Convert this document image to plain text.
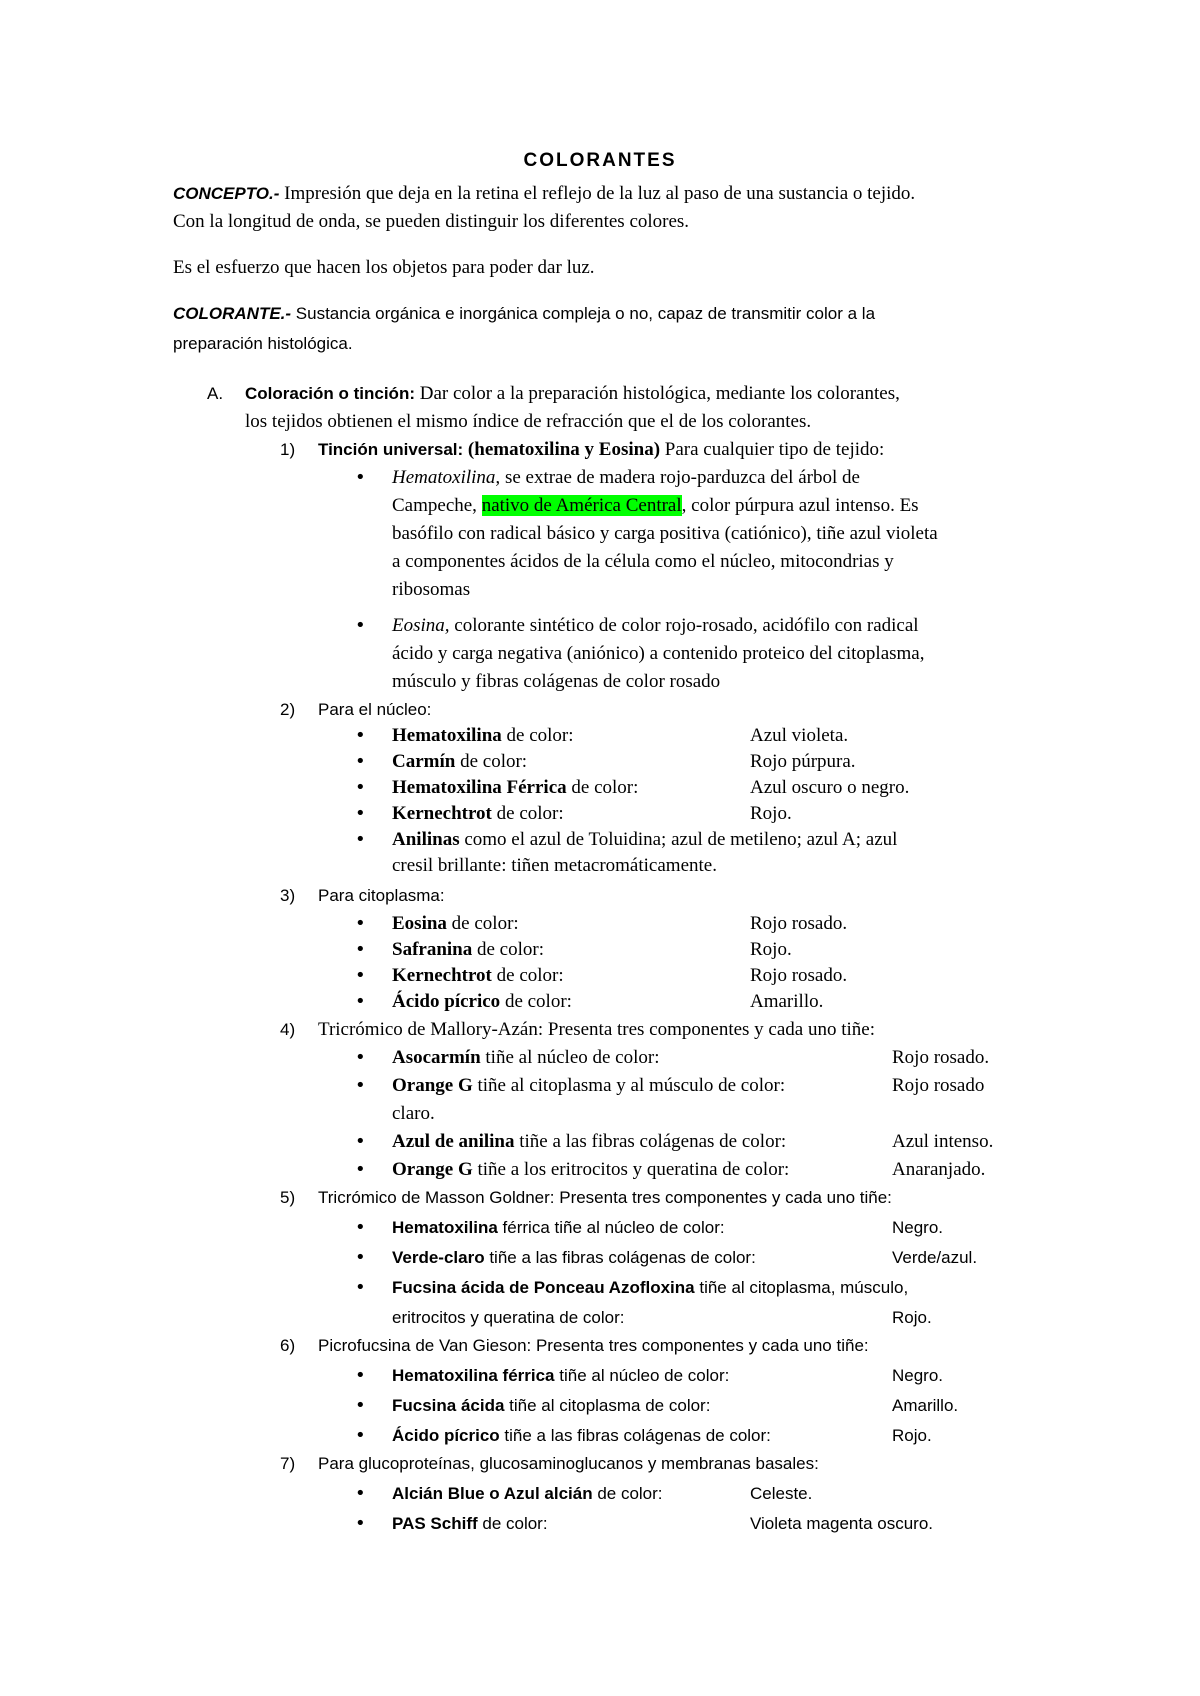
COLORANTES
CONCEPTO.- Impresión que deja en la retina el reflejo de la luz al paso de una sustancia o tejido.
Con la longitud de onda, se pueden distinguir los diferentes colores.
Es el esfuerzo que hacen los objetos para poder dar luz.
COLORANTE.- Sustancia orgánica e inorgánica compleja o no, capaz de transmitir color a la
preparación histológica.
A. Coloración o tinción: Dar color a la preparación histológica, mediante los colorantes,
los tejidos obtienen el mismo índice de refracción que el de los colorantes.
1) Tinción universal: (hematoxilina y Eosina) Para cualquier tipo de tejido:
• Hematoxilina, se extrae de madera rojo-parduzca del árbol de
Campeche, nativo de América Central, color púrpura azul intenso. Es
basófilo con radical básico y carga positiva (catiónico), tiñe azul violeta
a componentes ácidos de la célula como el núcleo, mitocondrias y
ribosomas
• Eosina, colorante sintético de color rojo-rosado, acidófilo con radical
ácido y carga negativa (aniónico) a contenido proteico del citoplasma,
músculo y fibras colágenas de color rosado
2) Para el núcleo:
• Hematoxilina de color:	Azul violeta.
• Carmín de color:	Rojo púrpura.
• Hematoxilina Férrica de color:	Azul oscuro o negro.
• Kernechtrot de color:	Rojo.
• Anilinas como el azul de Toluidina; azul de metileno; azul A; azul
cresil brillante: tiñen metacromáticamente.
3) Para citoplasma:
• Eosina de color:	Rojo rosado.
• Safranina de color:	Rojo.
• Kernechtrot de color:	Rojo rosado.
• Ácido pícrico de color:	Amarillo.
4) Tricrómico de Mallory-Azán: Presenta tres componentes y cada uno tiñe:
• Asocarmín tiñe al núcleo de color:	Rojo rosado.
• Orange G tiñe al citoplasma y al músculo de color:	Rojo rosado
claro.
• Azul de anilina tiñe a las fibras colágenas de color:	Azul intenso.
• Orange G tiñe a los eritrocitos y queratina de color:	Anaranjado.
5) Tricrómico de Masson Goldner: Presenta tres componentes y cada uno tiñe:
• Hematoxilina férrica tiñe al núcleo de color:	Negro.
• Verde-claro tiñe a las fibras colágenas de color:	Verde/azul.
• Fucsina ácida de Ponceau Azofloxina tiñe al citoplasma, músculo,
eritrocitos y queratina de color:	Rojo.
6) Picrofucsina de Van Gieson: Presenta tres componentes y cada uno tiñe:
• Hematoxilina férrica tiñe al núcleo de color:	Negro.
• Fucsina ácida tiñe al citoplasma de color:	Amarillo.
• Ácido pícrico tiñe a las fibras colágenas de color:	Rojo.
7) Para glucoproteínas, glucosaminoglucanos y membranas basales:
• Alcián Blue o Azul alcián de color:	Celeste.
• PAS Schiff de color:	Violeta magenta oscuro.
